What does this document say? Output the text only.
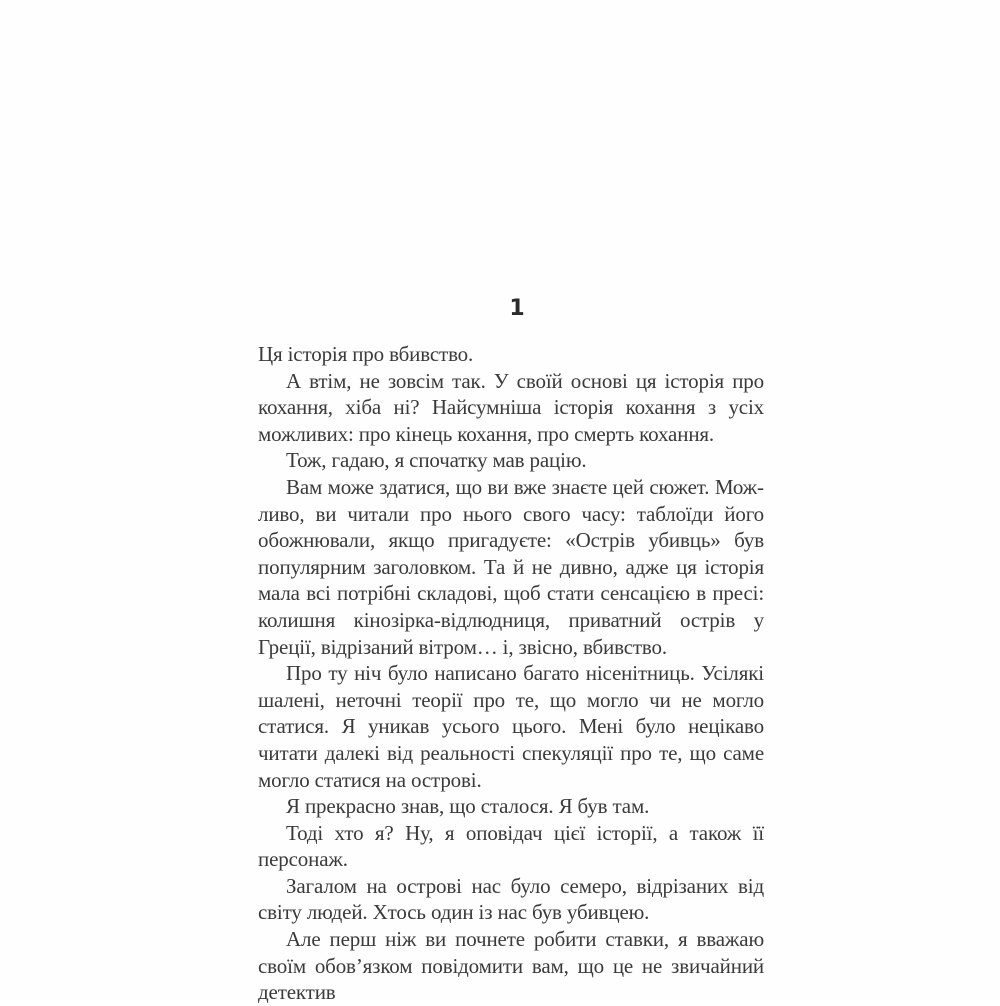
1

Ця історія про вбивство.

А втім, не зовсім так. У своїй основі ця історія про кохання, хіба ні? Найсумніша історія кохання з усіх можливих: про кінець кохання, про смерть кохання.

Тож, гадаю, я спочатку мав рацію.

Вам може здатися, що ви вже знаєте цей сюжет. Можливо, ви читали про нього свого часу: таблоїди його обожнювали, якщо пригадуєте: «Острів убивць» був популярним заголовком. Та й не дивно, адже ця історія мала всі потрібні складові, щоб стати сенсацією в пресі: колишня кінозірка-відлюдниця, приватний острів у Греції, відрізаний вітром… і, звісно, вбивство.

Про ту ніч було написано багато нісенітниць. Усілякі шалені, неточні теорії про те, що могло чи не могло статися. Я уникав усього цього. Мені було нецікаво читати далекі від реальності спекуляції про те, що саме могло статися на острові.

Я прекрасно знав, що сталося. Я був там.

Тоді хто я? Ну, я оповідач цієї історії, а також її персонаж.

Загалом на острові нас було семеро, відрізаних від світу людей. Хтось один із нас був убивцею.

Але перш ніж ви почнете робити ставки, я вважаю своїм обов’язком повідомити вам, що це не звичайний детектив
